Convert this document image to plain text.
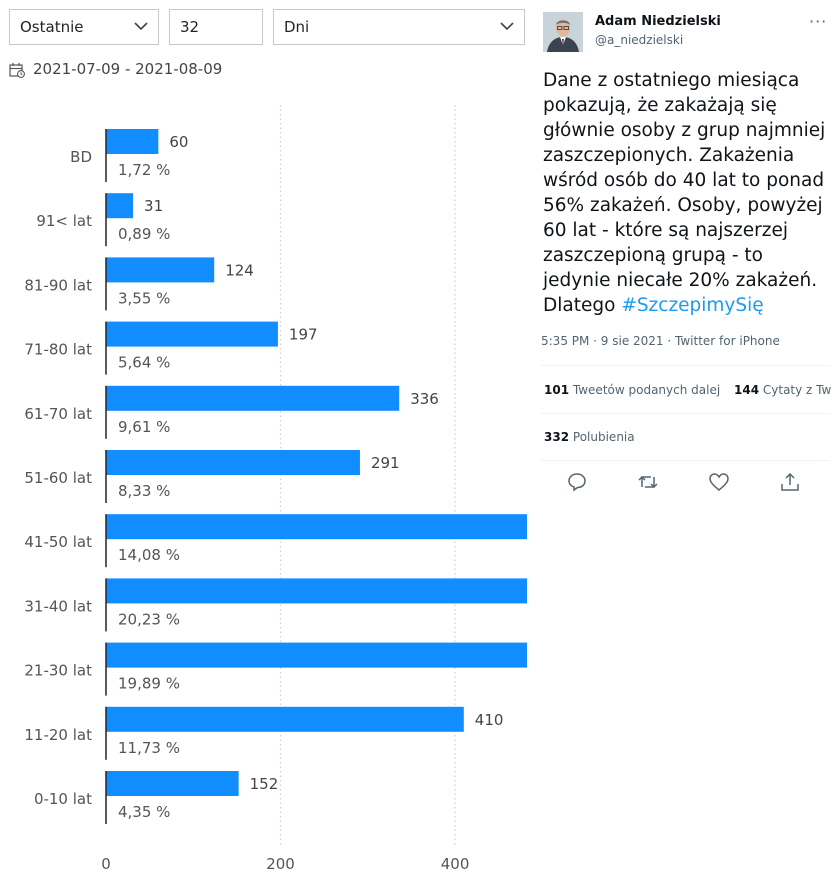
Ostatnie	32	Dni
2021-07-09 - 2021-08-09
0	200	400
BD
60
1,72 %
91< lat
31
0,89 %
81-90 lat
124
3,55 %
71-80 lat
197
5,64 %
61-70 lat
336
9,61 %
51-60 lat
291
8,33 %
41-50 lat
14,08 %
31-40 lat
20,23 %
21-30 lat
19,89 %
11-20 lat
410
11,73 %
0-10 lat
152
4,35 %
Adam Niedzielski
@a_niedzielski
···
Dane z ostatniego miesiąca
pokazują, że zakażają się
głównie osoby z grup najmniej
zaszczepionych. Zakażenia
wśród osób do 40 lat to ponad
56% zakażeń. Osoby, powyżej
60 lat - które są najszerzej
zaszczepioną grupą - to
jedynie niecałe 20% zakażeń.
Dlatego #SzczepimySię
5:35 PM · 9 sie 2021 · Twitter for iPhone
101 Tweetów podanych dalej 144 Cytaty z Tw
332 Polubienia
